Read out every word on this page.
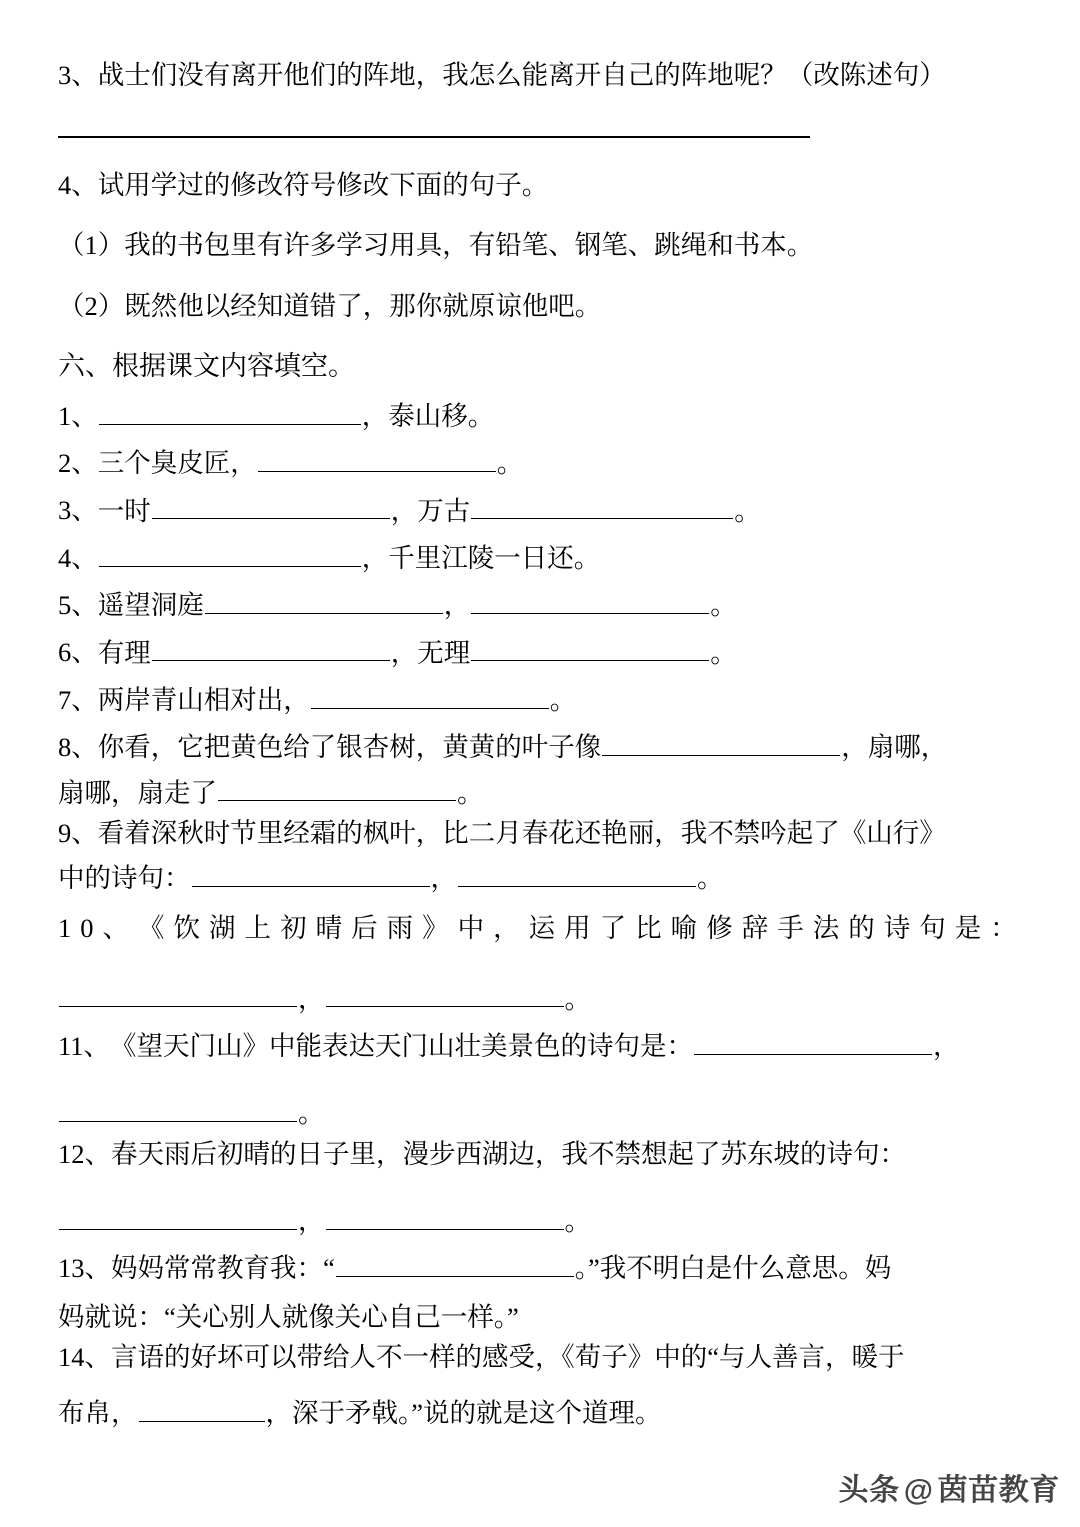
3、战士们没有离开他们的阵地，我怎么能离开自己的阵地呢？（改陈述句）
4、试用学过的修改符号修改下面的句子。
（1）我的书包里有许多学习用具，有铅笔、钢笔、跳绳和书本。
（2）既然他以经知道错了，那你就原谅他吧。
六、根据课文内容填空。
1、	，泰山移。
2、三个臭皮匠，	。
3、一时	，万古	。
4、	，千里江陵一日还。
5、遥望洞庭	，	。
6、有理	，无理	。
7、两岸青山相对出，	。
8、你看，它把黄色给了银杏树，黄黄的叶子像	，扇哪，
扇哪，扇走了	。
9、看着深秋时节里经霜的枫叶，比二月春花还艳丽，我不禁吟起了《山行》
中的诗句：	，	。
10、《饮湖上初晴后雨》中，运用了比喻修辞手法的诗句是：
，	。
11、《望天门山》中能表达天门山壮美景色的诗句是：	，
。
12、春天雨后初晴的日子里，漫步西湖边，我不禁想起了苏东坡的诗句：
，	。
13、妈妈常常教育我：“	。”我不明白是什么意思。妈
妈就说：“关心别人就像关心自己一样。”
14、言语的好坏可以带给人不一样的感受，《荀子》中的“与人善言，暖于
布帛，	，深于矛戟。”说的就是这个道理。
头条 @ 茵苗教育
